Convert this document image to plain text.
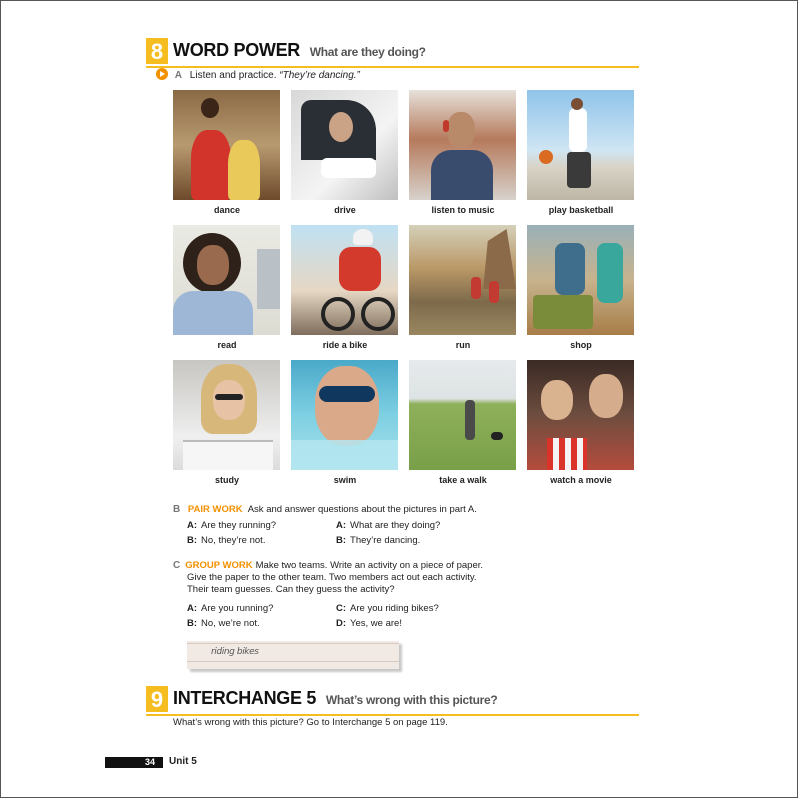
8 WORD POWER What are they doing?
A Listen and practice. “They’re dancing.”
dance	drive	listen to music	play basketball
read	ride a bike	run	shop
study	swim	take a walk	watch a movie
B PAIR WORK Ask and answer questions about the pictures in part A.
A: Are they running?
B: No, they’re not.
A: What are they doing?
B: They’re dancing.
C GROUP WORK Make two teams. Write an activity on a piece of paper.
Give the paper to the other team. Two members act out each activity.
Their team guesses. Can they guess the activity?
A: Are you running?
B: No, we’re not.
C: Are you riding bikes?
D: Yes, we are!
riding bikes
9 INTERCHANGE 5 What’s wrong with this picture?
What’s wrong with this picture? Go to Interchange 5 on page 119.
34 Unit 5
